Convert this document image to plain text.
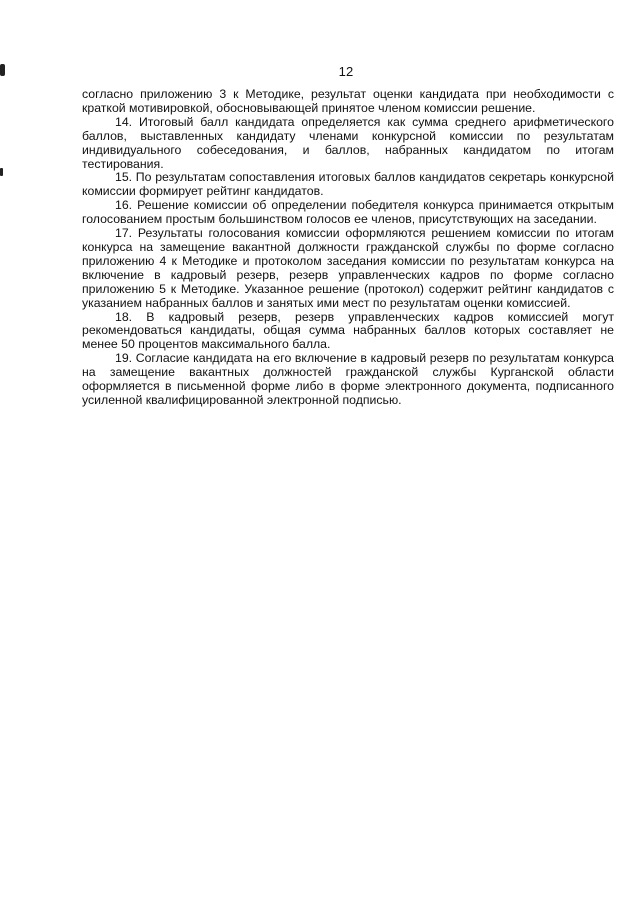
12

согласно приложению 3 к Методике, результат оценки кандидата при необходимости с краткой мотивировкой, обосновывающей принятое членом комиссии решение.

14. Итоговый балл кандидата определяется как сумма среднего арифметического баллов, выставленных кандидату членами конкурсной комиссии по результатам индивидуального собеседования, и баллов, набранных кандидатом по итогам тестирования.

15. По результатам сопоставления итоговых баллов кандидатов секретарь конкурсной комиссии формирует рейтинг кандидатов.

16. Решение комиссии об определении победителя конкурса принимается открытым голосованием простым большинством голосов ее членов, присутствующих на заседании.

17. Результаты голосования комиссии оформляются решением комиссии по итогам конкурса на замещение вакантной должности гражданской службы по форме согласно приложению 4 к Методике и протоколом заседания комиссии по результатам конкурса на включение в кадровый резерв, резерв управленческих кадров по форме согласно приложению 5 к Методике. Указанное решение (протокол) содержит рейтинг кандидатов с указанием набранных баллов и занятых ими мест по результатам оценки комиссией.

18. В кадровый резерв, резерв управленческих кадров комиссией могут рекомендоваться кандидаты, общая сумма набранных баллов которых составляет не менее 50 процентов максимального балла.

19. Согласие кандидата на его включение в кадровый резерв по результатам конкурса на замещение вакантных должностей гражданской службы Курганской области оформляется в письменной форме либо в форме электронного документа, подписанного усиленной квалифицированной электронной подписью.
